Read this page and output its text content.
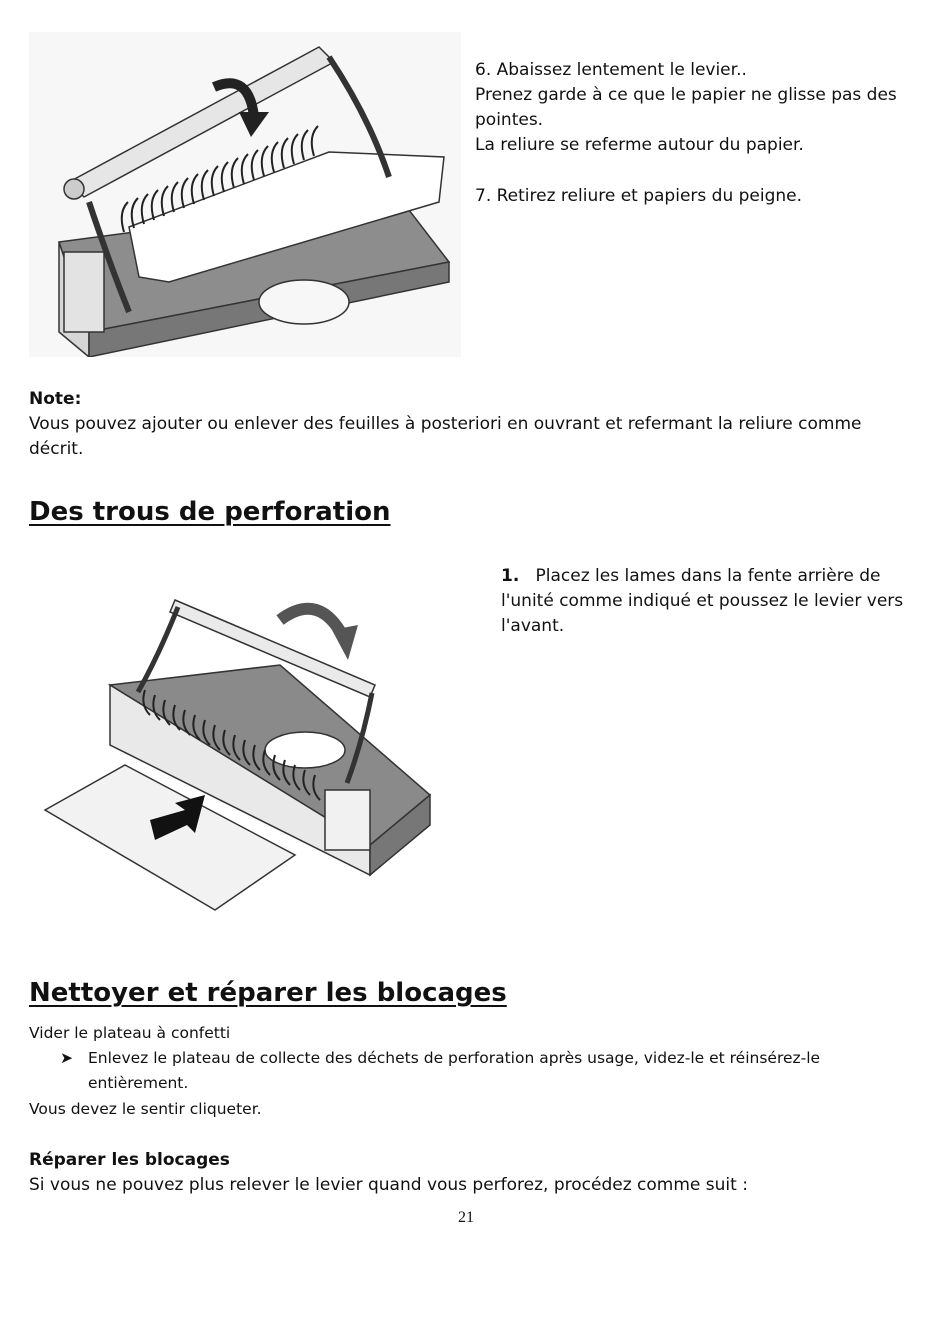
6. Abaissez lentement le levier..
Prenez garde à ce que le papier ne glisse pas des
pointes.
La reliure se referme autour du papier.
7. Retirez reliure et papiers du peigne.
Note:
Vous pouvez ajouter ou enlever des feuilles à posteriori en ouvrant et refermant la reliure comme décrit.
Des trous de perforation
1. Placez les lames dans la fente arrière de l'unité comme indiqué et poussez le levier vers l'avant.
Nettoyer et réparer les blocages
Vider le plateau à confetti
➤ Enlevez le plateau de collecte des déchets de perforation après usage, videz-le et réinsérez-le entièrement.
Vous devez le sentir cliqueter.
Réparer les blocages
Si vous ne pouvez plus relever le levier quand vous perforez, procédez comme suit :
21
